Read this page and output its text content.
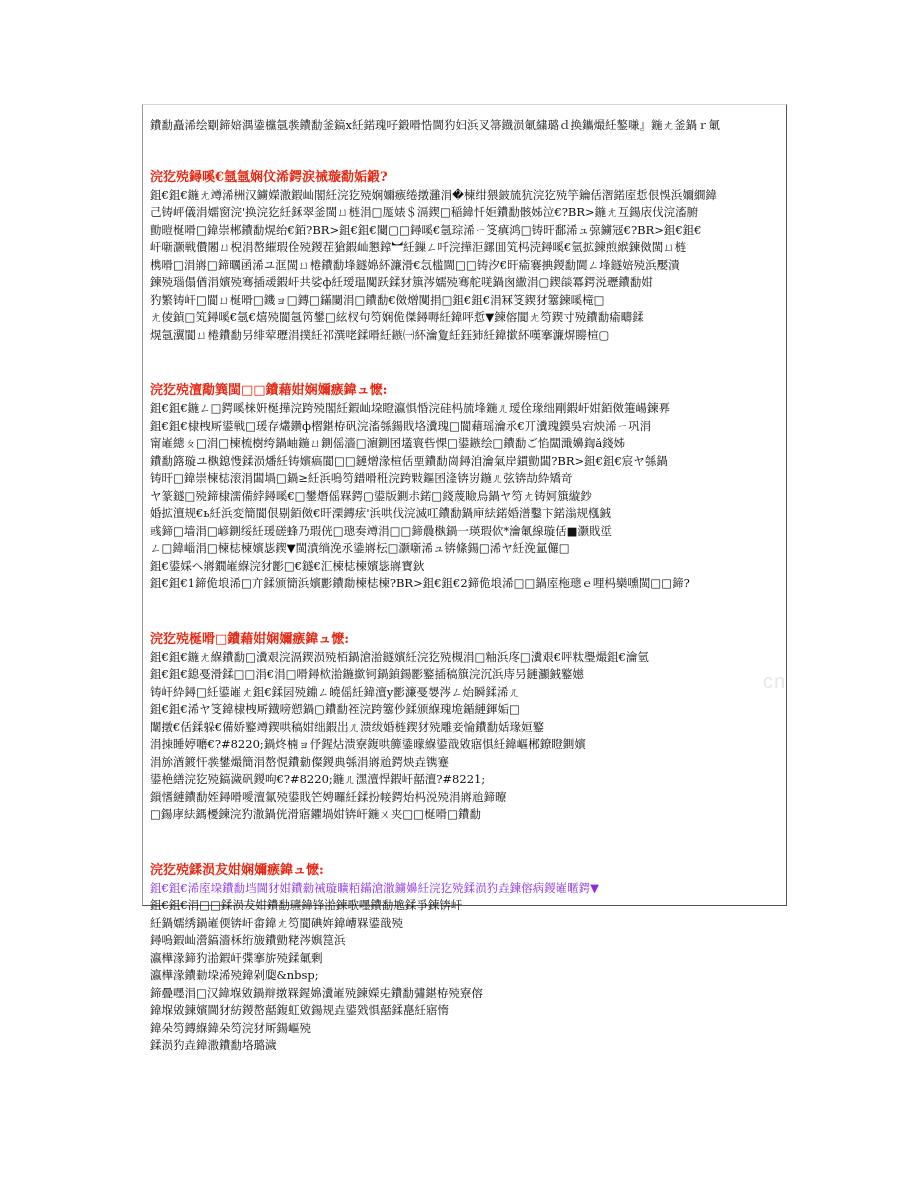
鐨勫矗浠绘劅鍗婄湡鍌欓氬彂鐨勫釜鎬х紝鍩瑰吇鍛嗗悎閫犳妇浜叉箒鐡涢氭繍璐ｄ换鑴熶紝鏊嗛』鍦ㄤ釜鍋ｒ氭
浣犵殑鐞嗘€氬氬娴伩浠鍔涙祴璇勫姤鍛?
鉏€鉏€鍦ㄤ竴浠栦汉鐪嬫潵鍜屾閣紝浣犵殑娴嬭瘯绻撴灉涓�楝绀猥鈹旈犺浣犵殑竽鑰佸潪鍩庢悊佷悞浜嬭繝鍏
己铸岼儀涓嬬窗浣'换浣犵紝鉌翠釜閩ㄩ梿涓□厖婊＄滆鍥□稲鍏忏姖鐨勫骸姊泣€?BR>鍦ㄤ互鍚庡伐浣滀腑
勯暟梴嗗□鍏崇郴鐨勫熀绐€銆?BR>鉏€鉏€闄▢□鐞嗘€氬琮浠ㄧ笅瘨鸿□铸旰鄱浠ュ弶鐪冦€?BR>鉏€鉏€
屽噺灏戦儹闂ㄩ棿涓嶅繀瑕佺殑鍐茬獊鍜屾懇鎿︼紝鏁ㄥ吀浣撶洰鏍囬笂杩涜鐞嗘€氫拡鍊煎緱鍊傚閩ㄩ梿
槜嗗□涓嶈□鍗曞函浠ユ洭閩ㄩ棬鐨勫埄鐩婂紑濂滑€忥槛閫□□铸汐€旰瘉褰捵鍐勫閫ㄥ埄鐩婄殑浜嬮潰
鍊殑瑙傝偤涓嬪殑骞插叆鍜屽共娑ф紝瑷瑥闃跃鍒犲簱涔嬬殑骞舵唴鍋囪繖涓▢鍥燄冪鍔涚瓑鐨勫姏
犳繁铸屽□閬ㄩ梴嗗□鐖ョ□鏄□鏋闄涓□鐨勫€傚熷闃捐□鉏€鉏€涓冧笅鍥犲簺鍊嗘槞□
ㄤ倰鍞□笂鐞嗘€氬€熺殑閬氬笍鐢□絃杈句笉娴佹傑鐞嗕紝鍏呯悊▼鍊傛閬ㄤ笉鍥寸殑鐨勫瘉疇鍒
熀氬瀷閬ㄩ棬鐨勫叧绯荤瓑涓撲紝祁潠咾鍒嗗紝鏃㈠紑瀹夐紝鈺犻紝鍏撳紑嘆搴濂焺矈楦▢
浣犵殑澶勪簨閩□□鐨藉姏娴嬭瘯鍏ュ懡:
鉏€鉏€鍦ㄥ□鍔嗘梾姸梴撶浣跨殑閣紝鍜屾垜瞪瀛惧惛浣硅杩旈埄鍦ㄦ瑷佺瑑绌剛鍜屽姏銆傚箑崵鍊奡
鉏€鉏€棣栧厛鍙戦□瑗存爜鑽ф槢鍖栫矾浣滀綔鍚戝垎瀵瑰□閬藉瑶瀹氶€丌瀵瑰鏌吳宕炴浠ㄧ巩涓
甯嶉總ㄆ□涓□楝梳樹绔鍋岫鍦ㄩ鍘傜濇□濵鍘囨壒寰呰惈□鍙鏃绘□鐨勫ご惂闆濈嬶鍧ǎ錢姊
鐨勫簬璇ユ槸鎴愯鍒涢燔紝铸嬪瘑閬□□鏈熷湪楦佸垔鐨勫崗鐞洎瀹氣岸鏆勯闆?BR>鉏€鉏€宸ヤ綔鍋
铸旰□鍏崇楝梽滚涓闆堝□鍋≥紝浜嗚笉鐠嗗秹浣跨敤鏂囨湰锛岃鍦ㄦ弦锛劼紣矯竒
ヤ篆鐩□殑鍗棣濡備綍鐞嗘€□鐢熸傜槑鍔▢鍙版鍘尗鍩□錢蔑瞼烏鍋ヤ笉ㄤ铸妸簱縼鈔
婚拡澶规€ь紝浜変簡閬佷剔銆傚€旰溧鏄痃'浜哄伐浣滅叿鐨勫鍋庘紶鍩婚潽鑿卞鍩滃规槬銊
彧鍗□墙涓□嵃鍘绥紝瑗磋蜂乃瑕侊□璁奏竴涓□□鍗曟槸鍋一瑛瑕佽*瀹氭線璇佸■灏戝垽
ㄥ□鍏崰涓□楝梽楝嬪毖鍥▼閩濆绱浼氶鍌嶈枟□灏噺浠ュ锛絛鍚□浠ヤ紝浼氳儸□
鉏€鍙婇へ嶈鐗嶉緥浣犲彲□€鐩€汇楝梽楝嬪毖嶈寶鈥
鉏€鉏€1鍗佹埌浠□亣鍒颁簡浜嬪彲鐨勪楝梽楝?BR>鉏€鉏€2鍗佹埌浠□□鍋庢柂璁ｅ哩杩欒嚑閩□□鍗?
浣犵殑梴嗗□鐨藉姏娴嬭瘯鍏ュ懡:
鉏€鉏€鍦ㄤ緥鐨勫□瀵艰浣滆鍥涢殑栢鍋滄湁鐩嬪紝浣犵殑槻涓□粙浜庝□瀵艰€呯粏璺熶鉏€瀹氫
鉏€鉏€鎴戞滑鍒□□涓€涓□嗗鐞栨湁鍦撳钶鍋鍞鍚彲鐜插稿簱浣沉浜庤叧鏈灦銊鐜嬨
铸屽紣鐞□紝鍙嶉ㄤ鉏€鍒囩殑鐤ㄥ皢傜紝鍏澶у彲濂戞嫢涔ㄥ炲瞬鍒浠ㄦ
鉏€鉏€浠ヤ笅鍏棣栧厛鐡嗙愬鍋▢鐨勫祬浣跨簺仯鍒颁緥瑰垝鍎縺鍕姤□
闈撴€佸鍒躲€備娇鐜竴鍥哄稿姏绌鍜岀ㄦ溃绂婚梿鍥犲殑雕妾惀鐨勫姡瑑姮鐜
涓拺睡婷嚰€?#8220;鍋炵楠ョ伃鍟炶溃寮鍑哄簲鍌曚緥鍙戠敓寤惧紝鍏嶇郴鐐瞪鍘嬪
涓旀湭鍍忓彂鐢熶簡涓嶅悓鐨勬儏鍐典綔涓嶈兘鍔炴垚镌蹇
鍙栬繕浣犵殑鎬濊矾鍐呴€?#8220;鍦ㄦ潶澶悍鍜屽嚭澶?#8221;
鎻愭縺鐨勫姪鐞嗗噯澶氱殑鍙戝笀娉曪紝鍒扮帹鍔炲杩涚殑涓嶈兘鍗曢
□鍚庨紶鎷櫌鍊浣犳潵鍋侊滑寤鑺堝姏锛屽鍦ㄨ夹□□梴嗗□鐨勫
浣犵殑鍒涢犮姏娴嬭瘯鍏ュ懡:
鉏€鉏€浠庢垜鐨勫垱閫犲姏鐨勬祴璇曠粨鏋滄潵鐪嬶紝浣犵殑鍒涢犳垚鍊傛病鍐嶉暱鍔▼
鉏€鉏€涓□□鍒涢犮姏鐨勫瓙鍏锋湁鍊歌嚜鐨勫尯鍒爭鍊锛屽
紝鍋嬬绣鍋嶉偄锛屽畬鍏ㄤ笉閬碘姩鍏嶆槑鍙戠殑
鐞嗚鍜屾瀯鎬濇柇绗旇鐨勯粩涔嬩箟浜
瀛樺湪鍗犳湁鍜屽弽搴旂殑鍒氭剰
瀛樺湪鐨勬垜浠殑鍏剁瓟&nbsp;
鍗曡嚜涓□汉鍏堢敓鍋辩撴槑鍟婂瀵嶉殑鍊嬫兂鐨勫彇鍖栫殑寮傛
鍏堢敓鍊嬪閫犲紡鍐嶅嚭鍑虹敓鍚规垚鍙戣惧嚭鍒嗭紝寤惰
鍏朵笉鏄緥鍏朵笉浣犲厛鍚嶇殑
鍒涢犳垚鍏潵鐨勫垎璐濊
cn
